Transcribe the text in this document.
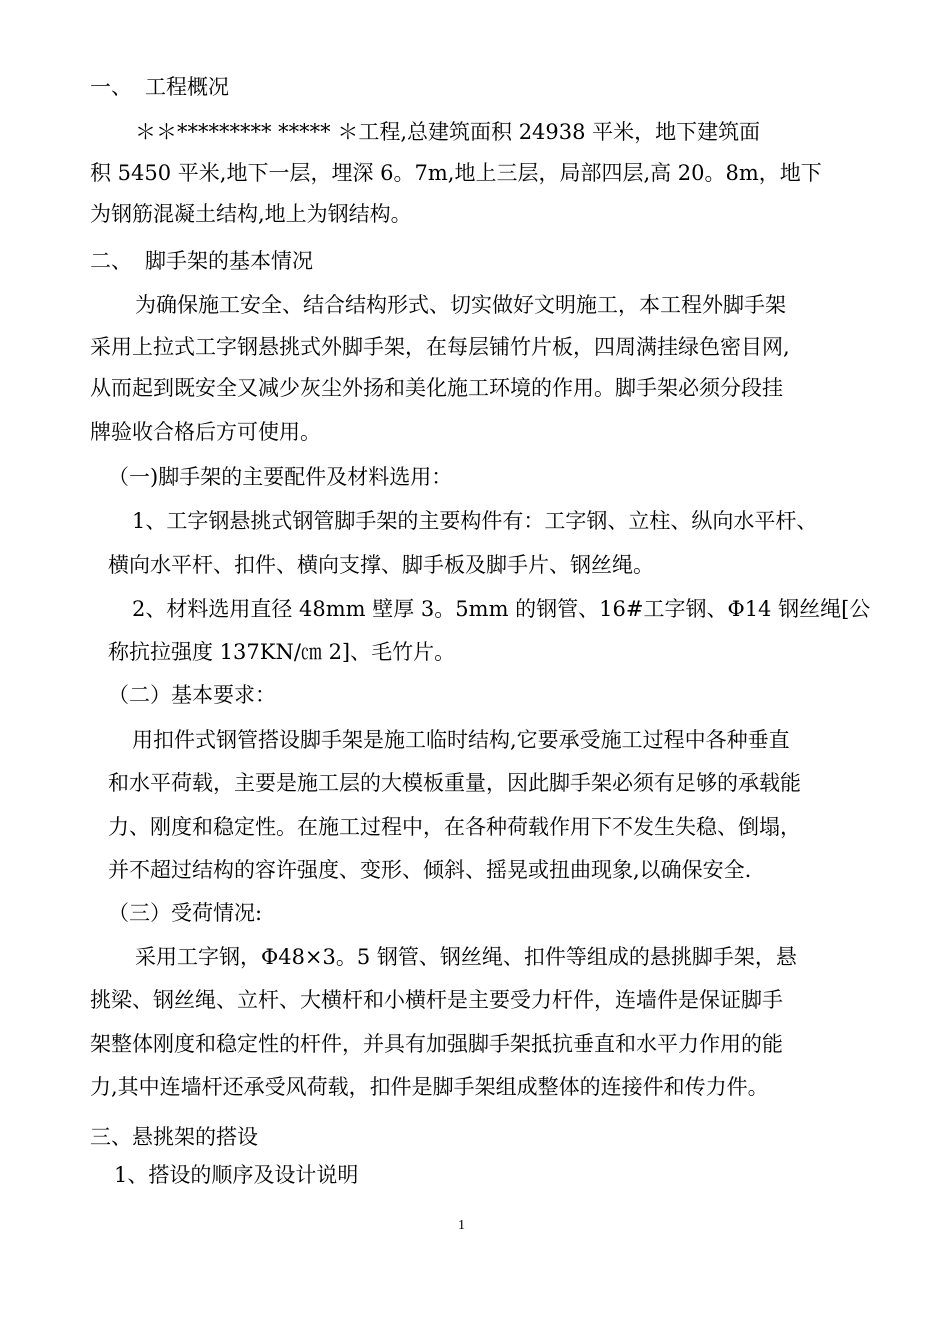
一、 工程概况
＊＊********* ***** ＊工程,总建筑面积 24938 平米，地下建筑面
积 5450 平米,地下一层，埋深 6。7m,地上三层，局部四层,高 20。8m，地下
为钢筋混凝土结构,地上为钢结构。
二、 脚手架的基本情况
为确保施工安全、结合结构形式、切实做好文明施工，本工程外脚手架
采用上拉式工字钢悬挑式外脚手架，在每层铺竹片板，四周满挂绿色密目网,
从而起到既安全又减少灰尘外扬和美化施工环境的作用。脚手架必须分段挂
牌验收合格后方可使用。
（一)脚手架的主要配件及材料选用：
1、工字钢悬挑式钢管脚手架的主要构件有：工字钢、立柱、纵向水平杆、
横向水平杆、扣件、横向支撑、脚手板及脚手片、钢丝绳。
2、材料选用直径 48mm 壁厚 3。5mm 的钢管、16#工字钢、Φ14 钢丝绳[公
称抗拉强度 137KN/㎝ 2]、毛竹片。
（二）基本要求：
用扣件式钢管搭设脚手架是施工临时结构,它要承受施工过程中各种垂直
和水平荷载，主要是施工层的大模板重量，因此脚手架必须有足够的承载能
力、刚度和稳定性。在施工过程中，在各种荷载作用下不发生失稳、倒塌，
并不超过结构的容许强度、变形、倾斜、摇晃或扭曲现象,以确保安全.
（三）受荷情况:
采用工字钢，Φ48×3。5 钢管、钢丝绳、扣件等组成的悬挑脚手架，悬
挑梁、钢丝绳、立杆、大横杆和小横杆是主要受力杆件，连墙件是保证脚手
架整体刚度和稳定性的杆件，并具有加强脚手架抵抗垂直和水平力作用的能
力,其中连墙杆还承受风荷载，扣件是脚手架组成整体的连接件和传力件。
三、悬挑架的搭设
1、搭设的顺序及设计说明
1
